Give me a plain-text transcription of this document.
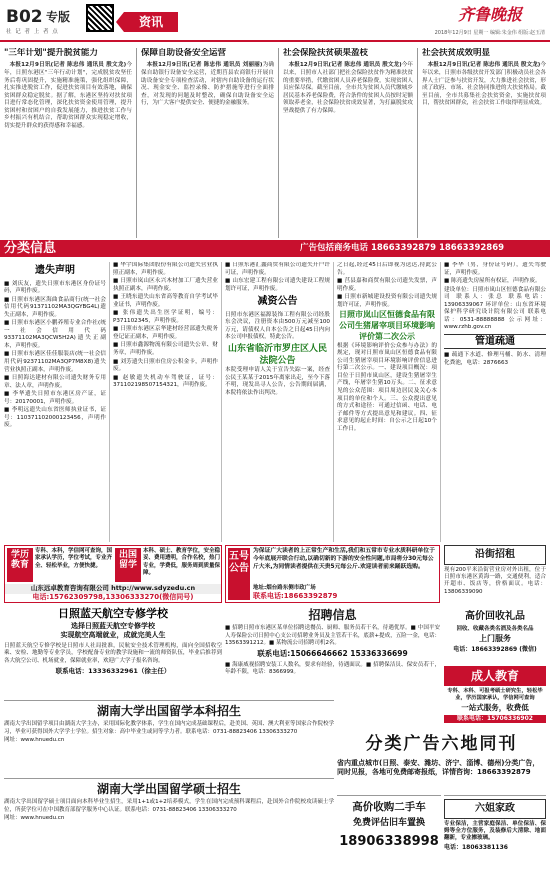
B02 专版
社 记 者 上 者 点
资讯	齐鲁晚报
2018年12月9日 星期一 编辑:朱金伟 组版:赵玉清
"三年计划"提升脱贫能力

本报12月9日讯(记者 陈忠伟 通讯员 殷文龙)今年，日照东港区"三年行动计划"，完成脱贫攻坚任务后将巩固提升，实施精准施策，强化组织保障，扎实推进脱贫工作，促进扶贫项目有效落地，确保贫困群众稳定脱贫。据了解，东港区坚持对扶贫项目进行常态化管理，深化扶贫资金使用管理，提升贫困村和贫困户的自我发展能力，推进扶贫工作与乡村振兴有机结合，帮助贫困群众实现稳定增收，切实提升群众的获得感和幸福感。

保障自助设备安全运营

本报12月9日讯(记者 陈忠伟 通讯员 刘丽丽)为确保自助银行设备安全运营，近期莒县农商银行开展自助设备安全专项检查活动，对辖内自助设备的运行状况、现金安全、监控录像、防护措施等进行全面排查，对发现的问题及时整改，确保自助设备安全运行，为广大客户提供安全、便捷的金融服务。

社会保险扶贫硕果盈枝

本报12月9日讯(记者 陈忠伟 通讯员 殷文龙)今年以来，日照市人社部门把社会保险扶贫作为精准扶贫的重要举措，代缴贫困人员养老保险费，实现贫困人员应保尽保。截至目前，全市共为贫困人员代缴城乡居民基本养老保险费，符合条件的贫困人员按时足额领取养老金，社会保险扶贫成效显著，为打赢脱贫攻坚战提供了有力保障。

社会扶贫成效明显

本报12月9日讯(记者 陈忠伟 通讯员 殷文龙)今年以来，日照市各级扶贫开发部门积极动员社会各界人士广泛参与扶贫开发，大力推进社会扶贫，形成了政府、市场、社会协同推进的大扶贫格局。截至目前，全市共募集社会扶贫资金，实施扶贫项目，帮扶贫困群众，社会扶贫工作取得明显成效。

分类信息	广告包括商务电话 18663392879 18663392869
遗失声明

■ 刘庆友，遗失日照市东港区身份证号码，声明作废。

■ 日照市东港区海曲食品商行(统一社会信用代码91371102MA3QGYBG4L)遗失正副本，声明作废。

■ 日照市东港区小鹏养殖专业合作社(统一社会信用代码93371102MA3QCW5H2A)遗失正副本，声明作废。

■ 日照市东港区佳佳服装店(统一社会信用代码92371102MA3QP7M8X8)遗失营业执照正副本，声明作废。

■ 日照海达建材有限公司遗失财务专用章、法人章，声明作废。

■ 李华遗失日照市东港区房产证，证号：20170001，声明作废。

■ 李明远遗失山东省医师执业证书，证号：110371102000123456，声明作废。

■ 华宇国际集团股份有限公司遗失营业执照正副本，声明作废。

■ 日照市岚山区永兴木材加工厂遗失营业执照正副本，声明作废。

■ 王晓东遗失山东省高等教育自学考试毕业证书，声明作废。

■ 张伟遗失出生医学证明，编号：P371102345，声明作废。

■ 日照市东港区京华建材经营部遗失税务登记证正副本，声明作废。

■ 日照市鑫源物流有限公司遗失公章、财务章，声明作废。

■ 刘芳遗失日照市住房公积金卡，声明作废。

■ 赵敏遗失机动车驾驶证，证号：371102198507154321，声明作废。

■ 日照东港汇鑫商贸有限公司遗失开户许可证，声明作废。

■ 山东宏建工程有限公司遗失建设工程规划许可证，声明作废。

减资公告

日照市东港区福源装饰工程有限公司经股东会决议，注册资本由500万元减至100万元，请债权人自本公告之日起45日内向本公司申报债权，特此公告。

山东省临沂市罗庄区人民法院公告

本院受理申请人关于宣告失踪一案，经查公民王某某于2015年离家出走，至今下落不明，现发出寻人公告，公告期间届满，本院将依法作出判决。

之日起,经过45日后即视为送达,持此公告。

■ 莒县嘉和商贸有限公司遗失发票，声明作废。

■ 日照市新城建设投资有限公司遗失规划许可证，声明作废。

日照市岚山区恒德食品有限公司生猪屠宰项目环境影响评价第二次公示

根据《环境影响评价公众参与办法》的规定，现对日照市岚山区恒德食品有限公司生猪屠宰项目环境影响评价信息进行第二次公示。一、建设项目概况：项目位于日照市岚山区，建设生猪屠宰生产线，年屠宰生猪10万头。二、征求意见的公众范围：项目周边居民及关心本项目的单位和个人。三、公众提出意见的方式和途径：可通过信函、电话、电子邮件等方式提出意见和建议。四、征求意见的起止时间：自公示之日起10个工作日。

■ 李华（男，身份证号码），遗失驾驶证，声明作废。

■ 陈亮遗失房屋所有权证，声明作废。

建设单位：日照市岚山区恒德食品有限公司 联系人：张总 联系电话：13906339067 环评单位：山东省环境保护科学研究设计院有限公司 联系电话：0531-88888888 公示网址：www.rzhb.gov.cn

管道疏通

■ 疏通下水道、修理马桶、防水、清理化粪池，电话：2876663

学历教育
专科、本科，学信网可查询，国家承认学历，学位考试，专业齐全、轻松毕业，方便快捷。
出国留学
本科、硕士、教育学位，安全稳妥、费用透明，合作名校，热门专业，学费低，服务周到质量保障。
山东远卓教育咨询有限公司 http://www.sdyzedu.cn
电话:15762309798,13306333270(微信同号)
五号公告
为保证广大读者的上正常生产和生活,我们和五常市专业水质科研单位于今年底展开联合行动,以确切新的下游的安全性问题,市局将分30元每公斤大米,为同情读者提供在天贵5元每公斤.欢迎读者前来踊跃选购。
地址:烟台路东侧市政广场
联系电话:18663392879
日照蓝天航空专修学校
选择日照蓝天航空专修学校
实现航空高端就业，成就完美人生
日照蓝天航空专修学校是日照市人社局批准，民航安全技术管理机构，面向全国招收空乘、安检、地勤等专业学员，学校配备专业的教学设施和一流的师资队伍，毕业后推荐到各大航空公司、机场就业，保障就业率，欢迎广大学子报名咨询。
联系电话：13336332961（徐主任）
湖南大学出国留学本科招生
湖南大学出国留学项目由湖南大学主办，采用国际化教学体系，学生在国内完成基础课程后，赴美国、英国、澳大利亚等国家合作院校学习，毕业可获得国外大学学士学位。招生对象：高中毕业生或同等学力者。联系电话：0731-88823406 13306333270
网址：www.hnuedu.cn
湖南大学出国留学硕士招生
湖南大学出国留学硕士项目面向本科毕业生招生，采用1+1或1+2培养模式，学生在国内完成预科课程后，赴国外合作院校攻读硕士学位，所获学位可在中国教育部留学服务中心认证。联系电话：0731-88823406 13306333270
网址：www.hnuedu.cn
招聘信息
■ 招聘日照市东港区某单位招聘送餐员、厨师、服务员若干名，待遇优厚。■ 中国平安人寿保险公司日照中心支公司招聘业务员及主管若干名，底薪+提成，五险一金，电话：13563391212。■ 某物流公司招聘司机2名。
联系电话:15066646662 15336336699
■ 海康威视招聘安装工人数名，要求有经验，待遇面议。■ 招聘保洁员、保安员若干，年龄不限，电话：8366999。
沿街招租
现有200平米沿街营业房对外出租，位于日照市东港区黄海一路，交通便利，适合开超市、饭店等，价格面议。电话：13806339090
高价回收礼品
回收、收藏各类名酒及各类名品
上门服务
电话：18663392869 (微信)
成人教育
专科、本科、可报考硕士研究生，轻松毕业，学历国家承认，学信网可查询
一站式服务，收费低
联系电话：15706336902
分类广告六地同刊
省内重点城市(日照、泰安、潍坊、济宁、淄博、德州)分类广告，同时见报，各地可免费邮寄报纸，详情咨询：18663392879
高价收购二手车
免费评估旧车置换
18906338998
六姐家政
专业保洁，主营家庭保洁、单位保洁、保姆等全方位服务，及装修后大清除、地面翻新，专业擦玻璃。
电话：18063381136
